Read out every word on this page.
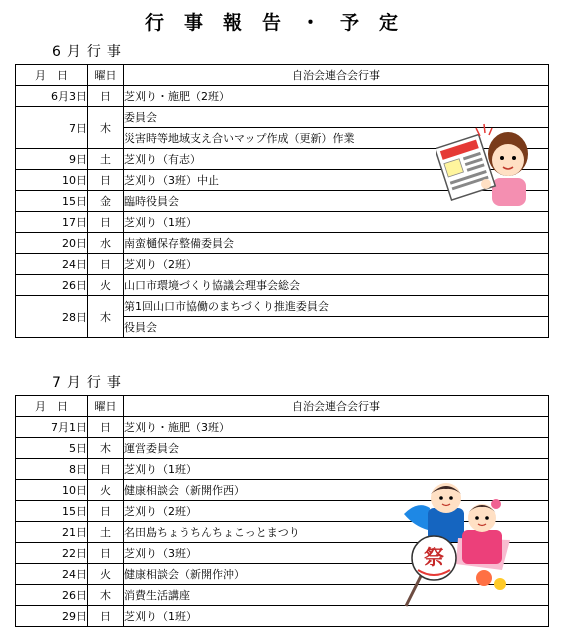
行事報告・予定
6月行事
月　日	曜日	自治会連合会行事
6月3日	日	芝刈り・施肥（2班）
7日	木	委員会
		災害時等地域支え合いマップ作成（更新）作業
9日	土	芝刈り（有志）
10日	日	芝刈り（3班）中止
15日	金	臨時役員会
17日	日	芝刈り（1班）
20日	水	南蛮樋保存整備委員会
24日	日	芝刈り（2班）
26日	火	山口市環境づくり協議会理事会総会
28日	木	第1回山口市協働のまちづくり推進委員会
		役員会
7月行事
月　日	曜日	自治会連合会行事
7月1日	日	芝刈り・施肥（3班）
5日	木	運営委員会
8日	日	芝刈り（1班）
10日	火	健康相談会（新開作西）
15日	日	芝刈り（2班）
21日	土	名田島ちょうちんちょこっとまつり
22日	日	芝刈り（3班）
24日	火	健康相談会（新開作沖）
26日	木	消費生活講座
29日	日	芝刈り（1班）
祭
